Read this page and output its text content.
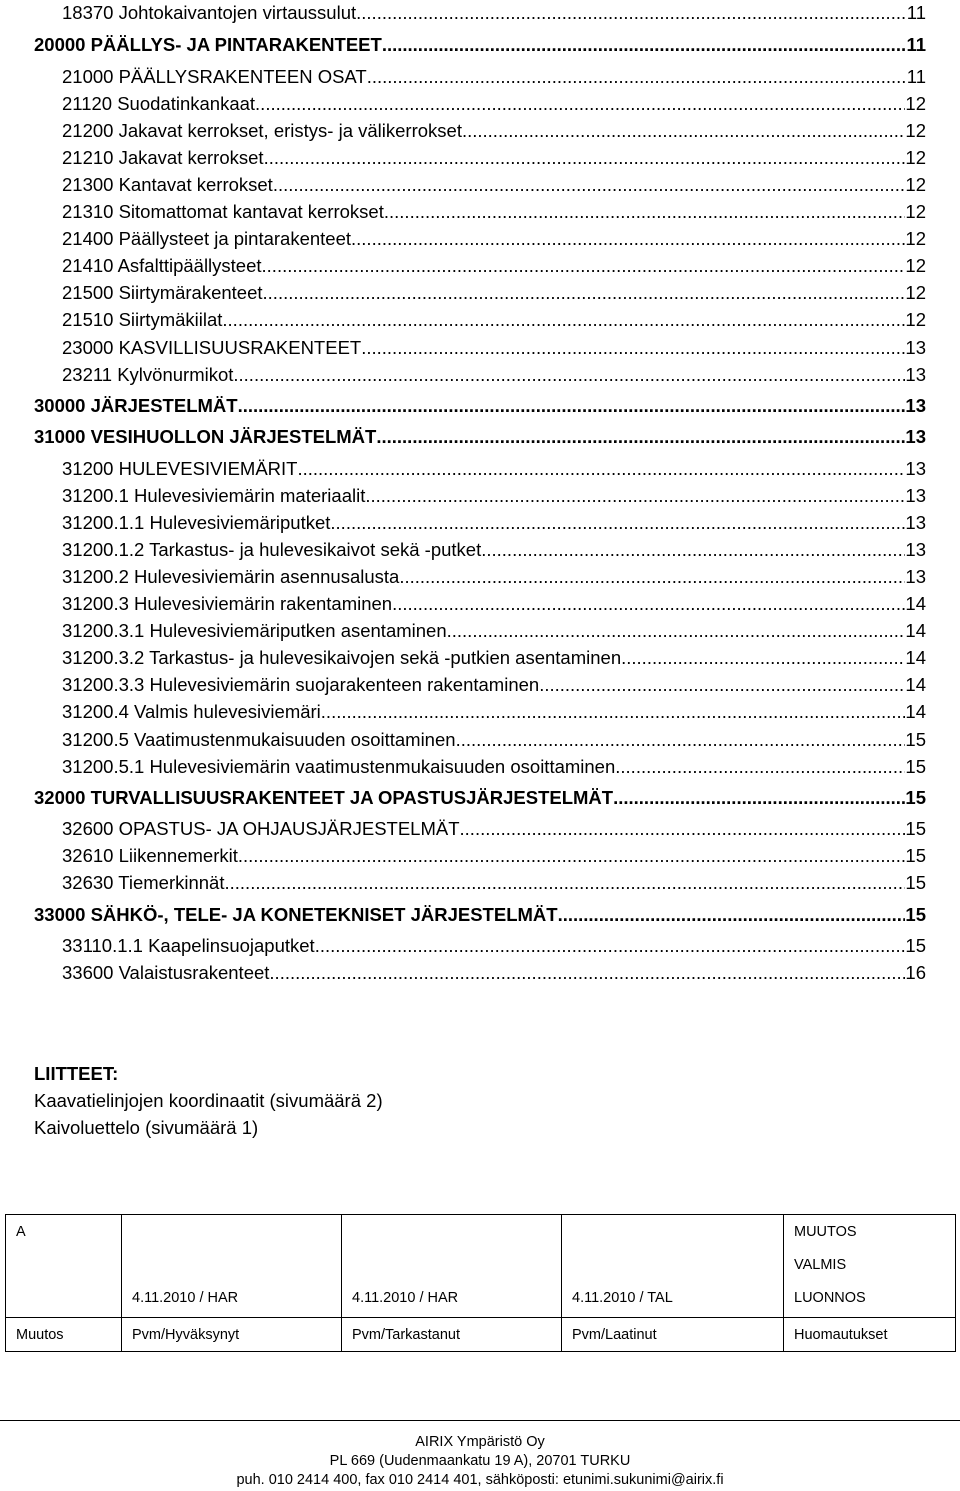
18370 Johtokaivantojen virtaussulut .....	11
20000 PÄÄLLYS- JA PINTARAKENTEET .....	11
21000 PÄÄLLYSRAKENTEEN OSAT .....	11
21120 Suodatinkankaat .....	12
21200 Jakavat kerrokset, eristys- ja välikerrokset .....	12
21210 Jakavat kerrokset .....	12
21300 Kantavat kerrokset .....	12
21310 Sitomattomat kantavat kerrokset .....	12
21400 Päällysteet ja pintarakenteet .....	12
21410 Asfalttipäällysteet .....	12
21500 Siirtymärakenteet .....	12
21510 Siirtymäkiilat .....	12
23000 KASVILLISUUSRAKENTEET .....	13
23211 Kylvönurmikot .....	13
30000 JÄRJESTELMÄT .....	13
31000 VESIHUOLLON JÄRJESTELMÄT .....	13
31200 HULEVESIVIEMÄRIT .....	13
31200.1 Hulevesiviemärin materiaalit .....	13
31200.1.1 Hulevesiviemäriputket .....	13
31200.1.2 Tarkastus- ja hulevesikaivot sekä -putket .....	13
31200.2 Hulevesiviemärin asennusalusta .....	13
31200.3 Hulevesiviemärin rakentaminen .....	14
31200.3.1 Hulevesiviemäriputken asentaminen .....	14
31200.3.2 Tarkastus- ja hulevesikaivojen sekä -putkien asentaminen .....	14
31200.3.3 Hulevesiviemärin suojarakenteen rakentaminen .....	14
31200.4 Valmis hulevesiviemäri .....	14
31200.5 Vaatimustenmukaisuuden osoittaminen .....	15
31200.5.1 Hulevesiviemärin vaatimustenmukaisuuden osoittaminen .....	15
32000 TURVALLISUUSRAKENTEET JA OPASTUSJÄRJESTELMÄT .....	15
32600 OPASTUS- JA OHJAUSJÄRJESTELMÄT .....	15
32610 Liikennemerkit .....	15
32630 Tiemerkinnät .....	15
33000 SÄHKÖ-, TELE- JA KONETEKNISET JÄRJESTELMÄT .....	15
33110.1.1 Kaapelinsuojaputket .....	15
33600 Valaistusrakenteet .....	16
LIITTEET:
Kaavatielinjojen koordinaatit (sivumäärä 2)
Kaivoluettelo (sivumäärä 1)
A				MUUTOS
				VALMIS
	4.11.2010 / HAR	4.11.2010 / HAR	4.11.2010 / TAL	LUONNOS

Muutos	Pvm/Hyväksynyt	Pvm/Tarkastanut	Pvm/Laatinut	Huomautukset
AIRIX Ympäristö Oy
PL 669 (Uudenmaankatu 19 A), 20701 TURKU
puh. 010 2414 400, fax 010 2414 401, sähköposti: etunimi.sukunimi@airix.fi
